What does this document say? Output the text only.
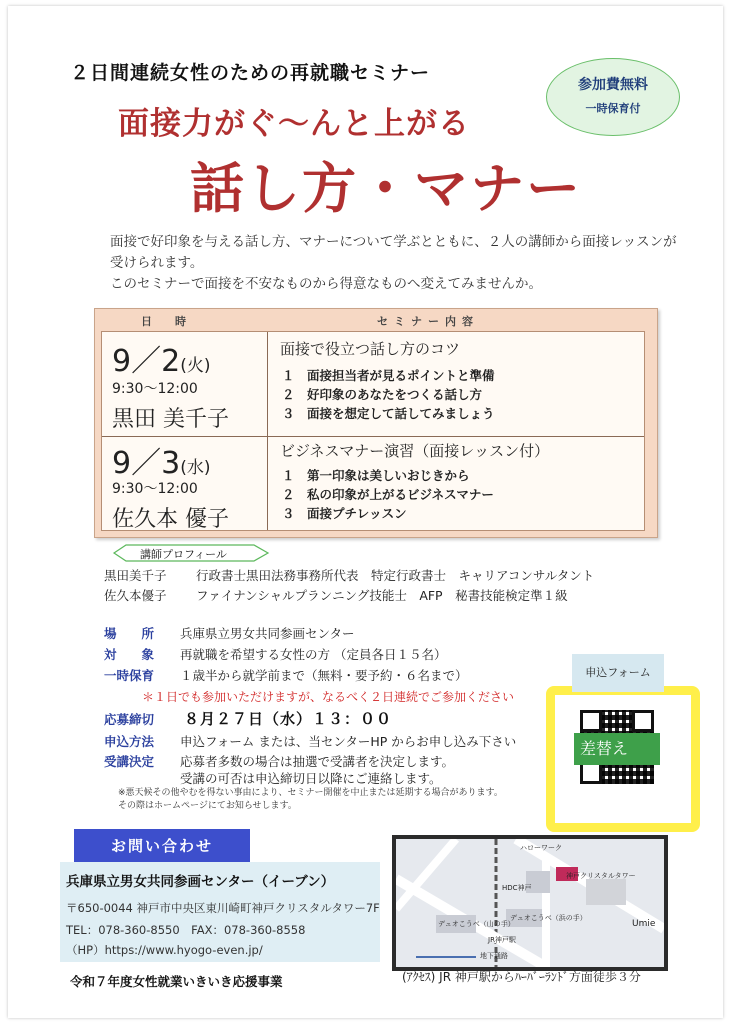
２日間連続女性のための再就職セミナー
参加費無料
一時保育付
面接力がぐ～んと上がる
話し方・マナー

面接で好印象を与える話し方、マナーについて学ぶとともに、２人の講師から面接レッスンが受けられます。

このセミナーで面接を不安なものから得意なものへ変えてみませんか。

日　時	セミナー内容
9／2(火)
9:30～12:00
黒田 美千子
面接で役立つ話し方のコツ
１　面接担当者が見るポイントと準備
２　好印象のあなたをつくる話し方
３　面接を想定して話してみましょう
9／3(水)
9:30～12:00
佐久本 優子
ビジネスマナー演習（面接レッスン付）
１　第一印象は美しいおじきから
２　私の印象が上がるビジネスマナー
３　面接プチレッスン
講師プロフィール
黒田美千子 行政書士黒田法務事務所代表　特定行政書士　キャリアコンサルタント
佐久本優子 ファイナンシャルプランニング技能士　AFP　秘書技能検定準１級
場　　所 兵庫県立男女共同参画センター
対　　象 再就職を希望する女性の方 （定員各日１５名）
一時保育 １歳半から就学前まで（無料・要予約・６名まで）
＊１日でも参加いただけますが、なるべく２日連続でご参加ください
応募締切 ８月２７日（水）１３：００
申込方法 申込フォーム または、当センターHP からお申し込み下さい
受講決定 応募者多数の場合は抽選で受講者を決定します。
受講の可否は申込締切日以降にご連絡します。
※悪天候その他やむを得ない事由により、セミナー開催を中止または延期する場合があります。
その際はホームページにてお知らせします。
申込フォーム
差替え
お問い合わせ
兵庫県立男女共同参画センター（イーブン）
〒650-0044 神戸市中央区東川崎町神戸クリスタルタワー7F
TEL：078-360-8550　FAX：078-360-8558
（HP）https://www.hyogo-even.jp/
ハローワーク
神戸クリスタルタワー
HDC神戸
デュオこうべ（浜の手）
デュオこうべ（山の手）
JR神戸駅
Umie
地下通路
(ｱｸｾｽ) JR 神戸駅からﾊｰﾊﾞｰﾗﾝﾄﾞ方面徒歩３分
令和７年度女性就業いきいき応援事業
